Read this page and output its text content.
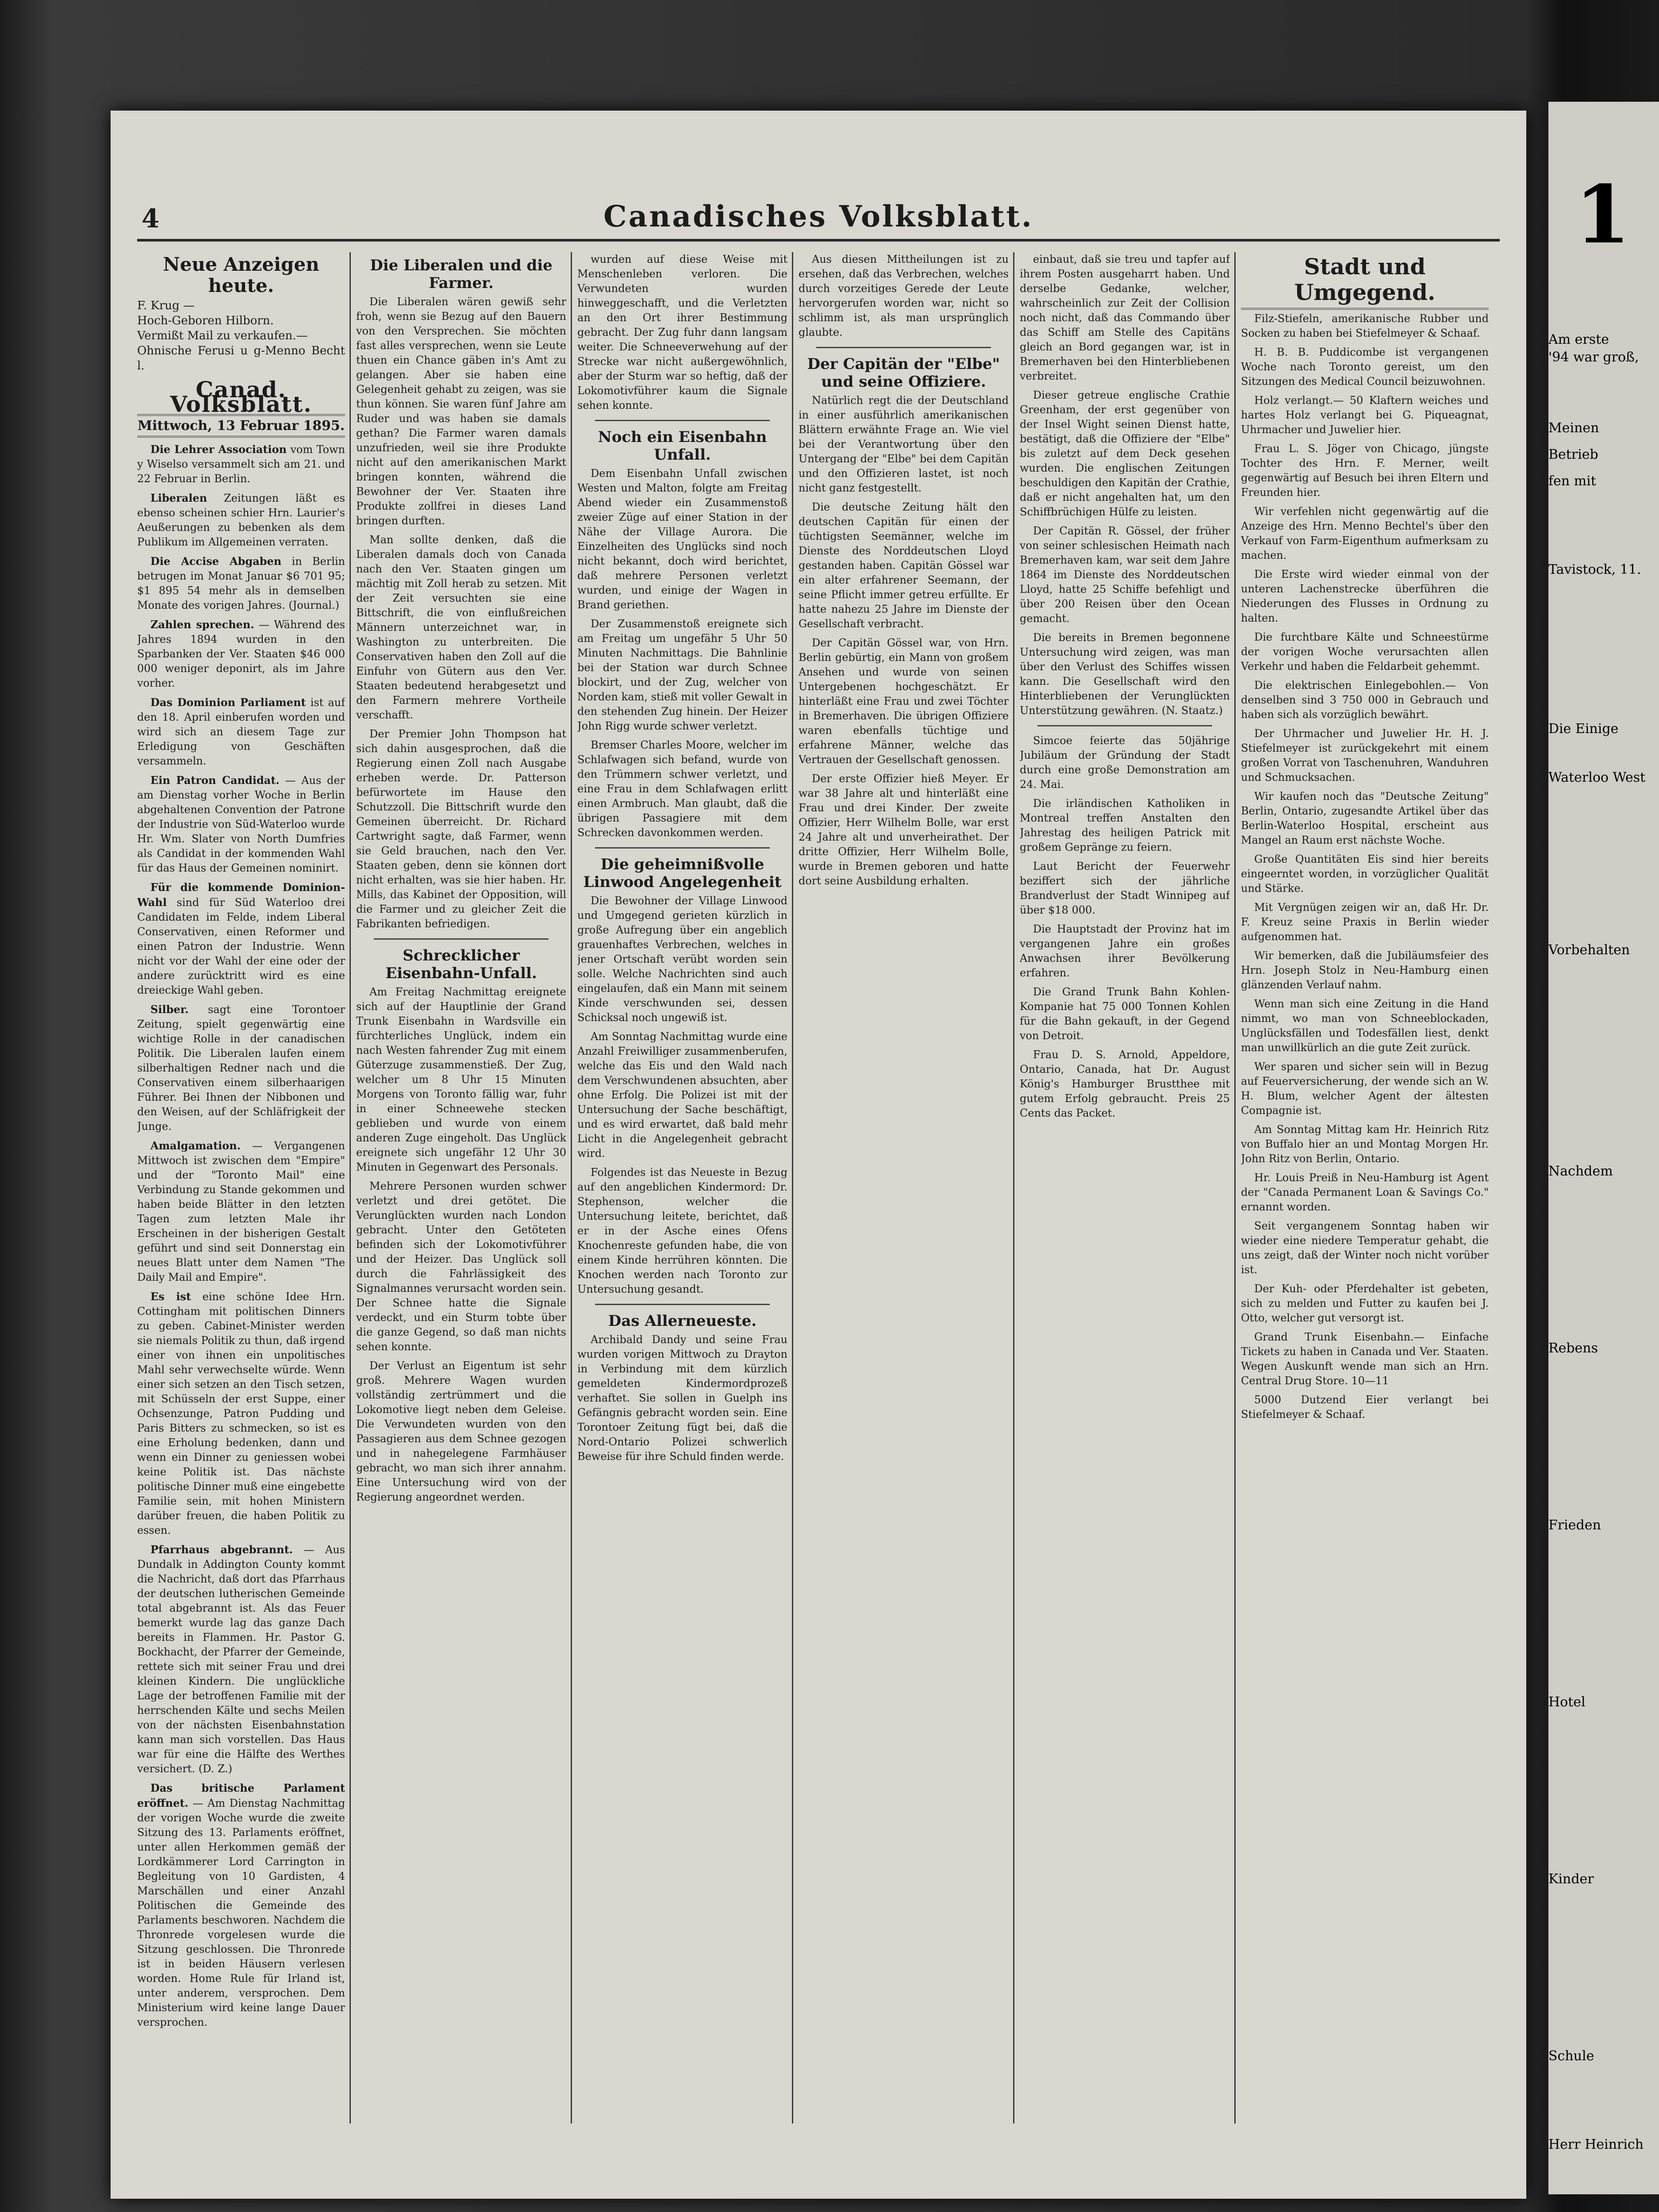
1
Am erste
'94 war groß,
Meinen
Betrieb
fen mit
Tavistock, 11.
Die Einige
Waterloo West
Vorbehalten
Nachdem
Rebens
Frieden
Hotel
Kinder
Schule
Herr Heinrich
4	Canadisches Volksblatt.
Neue Anzeigen heute.
F. Krug —
Hoch-Geboren Hilborn.
Vermißt Mail zu verkaufen.—
Ohnische Ferusi u g-Menno Becht l.
Canad. Volksblatt.
Mittwoch, 13 Februar 1895.

Die Lehrer Association vom Town y Wiselso versammelt sich am 21. und 22 Februar in Berlin.

Liberalen Zeitungen läßt es ebenso scheinen schier Hrn. Laurier's Aeußerungen zu bebenken als dem Publikum im Allgemeinen verraten.

Die Accise Abgaben in Berlin betrugen im Monat Januar $6 701 95; $1 895 54 mehr als in demselben Monate des vorigen Jahres. (Journal.)

Zahlen sprechen. — Während des Jahres 1894 wurden in den Sparbanken der Ver. Staaten $46 000 000 weniger deponirt, als im Jahre vorher.

Das Dominion Parliament ist auf den 18. April einberufen worden und wird sich an diesem Tage zur Erledigung von Geschäften versammeln.

Ein Patron Candidat. — Aus der am Dienstag vorher Woche in Berlin abgehaltenen Convention der Patrone der Industrie von Süd-Waterloo wurde Hr. Wm. Slater von North Dumfries als Candidat in der kommenden Wahl für das Haus der Gemeinen nominirt.

Für die kommende Dominion-Wahl sind für Süd Waterloo drei Candidaten im Felde, indem Liberal Conservativen, einen Reformer und einen Patron der Industrie. Wenn nicht vor der Wahl der eine oder der andere zurücktritt wird es eine dreieckige Wahl geben.

Silber. sagt eine Torontoer Zeitung, spielt gegenwärtig eine wichtige Rolle in der canadischen Politik. Die Liberalen laufen einem silberhaltigen Redner nach und die Conservativen einem silberhaarigen Führer. Bei Ihnen der Nibbonen und den Weisen, auf der Schläfrigkeit der Junge.

Amalgamation. — Vergangenen Mittwoch ist zwischen dem "Empire" und der "Toronto Mail" eine Verbindung zu Stande gekommen und haben beide Blätter in den letzten Tagen zum letzten Male ihr Erscheinen in der bisherigen Gestalt geführt und sind seit Donnerstag ein neues Blatt unter dem Namen "The Daily Mail and Empire".

Es ist eine schöne Idee Hrn. Cottingham mit politischen Dinners zu geben. Cabinet-Minister werden sie niemals Politik zu thun, daß irgend einer von ihnen ein unpolitisches Mahl sehr verwechselte würde. Wenn einer sich setzen an den Tisch setzen, mit Schüsseln der erst Suppe, einer Ochsenzunge, Patron Pudding und Paris Bitters zu schmecken, so ist es eine Erholung bedenken, dann und wenn ein Dinner zu geniessen wobei keine Politik ist. Das nächste politische Dinner muß eine eingebette Familie sein, mit hohen Ministern darüber freuen, die haben Politik zu essen.

Pfarrhaus abgebrannt. — Aus Dundalk in Addington County kommt die Nachricht, daß dort das Pfarrhaus der deutschen lutherischen Gemeinde total abgebrannt ist. Als das Feuer bemerkt wurde lag das ganze Dach bereits in Flammen. Hr. Pastor G. Bockhacht, der Pfarrer der Gemeinde, rettete sich mit seiner Frau und drei kleinen Kindern. Die unglückliche Lage der betroffenen Familie mit der herrschenden Kälte und sechs Meilen von der nächsten Eisenbahnstation kann man sich vorstellen. Das Haus war für eine die Hälfte des Werthes versichert. (D. Z.)

Das britische Parlament eröffnet. — Am Dienstag Nachmittag der vorigen Woche wurde die zweite Sitzung des 13. Parlaments eröffnet, unter allen Herkommen gemäß der Lordkämmerer Lord Carrington in Begleitung von 10 Gardisten, 4 Marschällen und einer Anzahl Politischen die Gemeinde des Parlaments beschworen. Nachdem die Thronrede vorgelesen wurde die Sitzung geschlossen. Die Thronrede ist in beiden Häusern verlesen worden. Home Rule für Irland ist, unter anderem, versprochen. Dem Ministerium wird keine lange Dauer versprochen.

Die Liberalen und die Farmer.

Die Liberalen wären gewiß sehr froh, wenn sie Bezug auf den Bauern von den Versprechen. Sie möchten fast alles versprechen, wenn sie Leute thuen ein Chance gäben in's Amt zu gelangen. Aber sie haben eine Gelegenheit gehabt zu zeigen, was sie thun können. Sie waren fünf Jahre am Ruder und was haben sie damals gethan? Die Farmer waren damals unzufrieden, weil sie ihre Produkte nicht auf den amerikanischen Markt bringen konnten, während die Bewohner der Ver. Staaten ihre Produkte zollfrei in dieses Land bringen durften.

Man sollte denken, daß die Liberalen damals doch von Canada nach den Ver. Staaten gingen um mächtig mit Zoll herab zu setzen. Mit der Zeit versuchten sie eine Bittschrift, die von einflußreichen Männern unterzeichnet war, in Washington zu unterbreiten. Die Conservativen haben den Zoll auf die Einfuhr von Gütern aus den Ver. Staaten bedeutend herabgesetzt und den Farmern mehrere Vortheile verschafft.

Der Premier John Thompson hat sich dahin ausgesprochen, daß die Regierung einen Zoll nach Ausgabe erheben werde. Dr. Patterson befürwortete im Hause den Schutzzoll. Die Bittschrift wurde den Gemeinen überreicht. Dr. Richard Cartwright sagte, daß Farmer, wenn sie Geld brauchen, nach den Ver. Staaten geben, denn sie können dort nicht erhalten, was sie hier haben. Hr. Mills, das Kabinet der Opposition, will die Farmer und zu gleicher Zeit die Fabrikanten befriedigen.

Schrecklicher Eisenbahn-Unfall.

Am Freitag Nachmittag ereignete sich auf der Hauptlinie der Grand Trunk Eisenbahn in Wardsville ein fürchterliches Unglück, indem ein nach Westen fahrender Zug mit einem Güterzuge zusammenstieß. Der Zug, welcher um 8 Uhr 15 Minuten Morgens von Toronto fällig war, fuhr in einer Schneewehe stecken geblieben und wurde von einem anderen Zuge eingeholt. Das Unglück ereignete sich ungefähr 12 Uhr 30 Minuten in Gegenwart des Personals.

Mehrere Personen wurden schwer verletzt und drei getötet. Die Verunglückten wurden nach London gebracht. Unter den Getöteten befinden sich der Lokomotivführer und der Heizer. Das Unglück soll durch die Fahrlässigkeit des Signalmannes verursacht worden sein. Der Schnee hatte die Signale verdeckt, und ein Sturm tobte über die ganze Gegend, so daß man nichts sehen konnte.

Der Verlust an Eigentum ist sehr groß. Mehrere Wagen wurden vollständig zertrümmert und die Lokomotive liegt neben dem Geleise. Die Verwundeten wurden von den Passagieren aus dem Schnee gezogen und in nahegelegene Farmhäuser gebracht, wo man sich ihrer annahm. Eine Untersuchung wird von der Regierung angeordnet werden.

wurden auf diese Weise mit Menschenleben verloren. Die Verwundeten wurden hinweggeschafft, und die Verletzten an den Ort ihrer Bestimmung gebracht. Der Zug fuhr dann langsam weiter. Die Schneeverwehung auf der Strecke war nicht außergewöhnlich, aber der Sturm war so heftig, daß der Lokomotivführer kaum die Signale sehen konnte.

Noch ein Eisenbahn Unfall.

Dem Eisenbahn Unfall zwischen Westen und Malton, folgte am Freitag Abend wieder ein Zusammenstoß zweier Züge auf einer Station in der Nähe der Village Aurora. Die Einzelheiten des Unglücks sind noch nicht bekannt, doch wird berichtet, daß mehrere Personen verletzt wurden, und einige der Wagen in Brand geriethen.

Der Zusammenstoß ereignete sich am Freitag um ungefähr 5 Uhr 50 Minuten Nachmittags. Die Bahnlinie bei der Station war durch Schnee blockirt, und der Zug, welcher von Norden kam, stieß mit voller Gewalt in den stehenden Zug hinein. Der Heizer John Rigg wurde schwer verletzt.

Bremser Charles Moore, welcher im Schlafwagen sich befand, wurde von den Trümmern schwer verletzt, und eine Frau in dem Schlafwagen erlitt einen Armbruch. Man glaubt, daß die übrigen Passagiere mit dem Schrecken davonkommen werden.

Die geheimnißvolle Linwood Angelegenheit

Die Bewohner der Village Linwood und Umgegend gerieten kürzlich in große Aufregung über ein angeblich grauenhaftes Verbrechen, welches in jener Ortschaft verübt worden sein solle. Welche Nachrichten sind auch eingelaufen, daß ein Mann mit seinem Kinde verschwunden sei, dessen Schicksal noch ungewiß ist.

Am Sonntag Nachmittag wurde eine Anzahl Freiwilliger zusammenberufen, welche das Eis und den Wald nach dem Verschwundenen absuchten, aber ohne Erfolg. Die Polizei ist mit der Untersuchung der Sache beschäftigt, und es wird erwartet, daß bald mehr Licht in die Angelegenheit gebracht wird.

Folgendes ist das Neueste in Bezug auf den angeblichen Kindermord: Dr. Stephenson, welcher die Untersuchung leitete, berichtet, daß er in der Asche eines Ofens Knochenreste gefunden habe, die von einem Kinde herrühren könnten. Die Knochen werden nach Toronto zur Untersuchung gesandt.

Das Allerneueste.

Archibald Dandy und seine Frau wurden vorigen Mittwoch zu Drayton in Verbindung mit dem kürzlich gemeldeten Kindermordprozeß verhaftet. Sie sollen in Guelph ins Gefängnis gebracht worden sein. Eine Torontoer Zeitung fügt bei, daß die Nord-Ontario Polizei schwerlich Beweise für ihre Schuld finden werde.

Aus diesen Mittheilungen ist zu ersehen, daß das Verbrechen, welches durch vorzeitiges Gerede der Leute hervorgerufen worden war, nicht so schlimm ist, als man ursprünglich glaubte.

Der Capitän der "Elbe" und seine Offiziere.

Natürlich regt die der Deutschland in einer ausführlich amerikanischen Blättern erwähnte Frage an. Wie viel bei der Verantwortung über den Untergang der "Elbe" bei dem Capitän und den Offizieren lastet, ist noch nicht ganz festgestellt.

Die deutsche Zeitung hält den deutschen Capitän für einen der tüchtigsten Seemänner, welche im Dienste des Norddeutschen Lloyd gestanden haben. Capitän Gössel war ein alter erfahrener Seemann, der seine Pflicht immer getreu erfüllte. Er hatte nahezu 25 Jahre im Dienste der Gesellschaft verbracht.

Der Capitän Gössel war, von Hrn. Berlin gebürtig, ein Mann von großem Ansehen und wurde von seinen Untergebenen hochgeschätzt. Er hinterläßt eine Frau und zwei Töchter in Bremerhaven. Die übrigen Offiziere waren ebenfalls tüchtige und erfahrene Männer, welche das Vertrauen der Gesellschaft genossen.

Der erste Offizier hieß Meyer. Er war 38 Jahre alt und hinterläßt eine Frau und drei Kinder. Der zweite Offizier, Herr Wilhelm Bolle, war erst 24 Jahre alt und unverheirathet. Der dritte Offizier, Herr Wilhelm Bolle, wurde in Bremen geboren und hatte dort seine Ausbildung erhalten.

einbaut, daß sie treu und tapfer auf ihrem Posten ausgeharrt haben. Und derselbe Gedanke, welcher, wahrscheinlich zur Zeit der Collision noch nicht, daß das Commando über das Schiff am Stelle des Capitäns gleich an Bord gegangen war, ist in Bremerhaven bei den Hinterbliebenen verbreitet.

Dieser getreue englische Crathie Greenham, der erst gegenüber von der Insel Wight seinen Dienst hatte, bestätigt, daß die Offiziere der "Elbe" bis zuletzt auf dem Deck gesehen wurden. Die englischen Zeitungen beschuldigen den Kapitän der Crathie, daß er nicht angehalten hat, um den Schiffbrüchigen Hülfe zu leisten.

Der Capitän R. Gössel, der früher von seiner schlesischen Heimath nach Bremerhaven kam, war seit dem Jahre 1864 im Dienste des Norddeutschen Lloyd, hatte 25 Schiffe befehligt und über 200 Reisen über den Ocean gemacht.

Die bereits in Bremen begonnene Untersuchung wird zeigen, was man über den Verlust des Schiffes wissen kann. Die Gesellschaft wird den Hinterbliebenen der Verunglückten Unterstützung gewähren. (N. Staatz.)

Simcoe feierte das 50jährige Jubiläum der Gründung der Stadt durch eine große Demonstration am 24. Mai.

Die irländischen Katholiken in Montreal treffen Anstalten den Jahrestag des heiligen Patrick mit großem Gepränge zu feiern.

Laut Bericht der Feuerwehr beziffert sich der jährliche Brandverlust der Stadt Winnipeg auf über $18 000.

Die Hauptstadt der Provinz hat im vergangenen Jahre ein großes Anwachsen ihrer Bevölkerung erfahren.

Die Grand Trunk Bahn Kohlen-Kompanie hat 75 000 Tonnen Kohlen für die Bahn gekauft, in der Gegend von Detroit.

Frau D. S. Arnold, Appeldore, Ontario, Canada, hat Dr. August König's Hamburger Brustthee mit gutem Erfolg gebraucht. Preis 25 Cents das Packet.

Stadt und Umgegend.

Filz-Stiefeln, amerikanische Rubber und Socken zu haben bei Stiefelmeyer & Schaaf.

H. B. B. Puddicombe ist vergangenen Woche nach Toronto gereist, um den Sitzungen des Medical Council beizuwohnen.

Holz verlangt.— 50 Klaftern weiches und hartes Holz verlangt bei G. Piqueagnat, Uhrmacher und Juwelier hier.

Frau L. S. Jöger von Chicago, jüngste Tochter des Hrn. F. Merner, weilt gegenwärtig auf Besuch bei ihren Eltern und Freunden hier.

Wir verfehlen nicht gegenwärtig auf die Anzeige des Hrn. Menno Bechtel's über den Verkauf von Farm-Eigenthum aufmerksam zu machen.

Die Erste wird wieder einmal von der unteren Lachenstrecke überführen die Niederungen des Flusses in Ordnung zu halten.

Die furchtbare Kälte und Schneestürme der vorigen Woche verursachten allen Verkehr und haben die Feldarbeit gehemmt.

Die elektrischen Einlegebohlen.— Von denselben sind 3 750 000 in Gebrauch und haben sich als vorzüglich bewährt.

Der Uhrmacher und Juwelier Hr. H. J. Stiefelmeyer ist zurückgekehrt mit einem großen Vorrat von Taschenuhren, Wanduhren und Schmucksachen.

Wir kaufen noch das "Deutsche Zeitung" Berlin, Ontario, zugesandte Artikel über das Berlin-Waterloo Hospital, erscheint aus Mangel an Raum erst nächste Woche.

Große Quantitäten Eis sind hier bereits eingeerntet worden, in vorzüglicher Qualität und Stärke.

Mit Vergnügen zeigen wir an, daß Hr. Dr. F. Kreuz seine Praxis in Berlin wieder aufgenommen hat.

Wir bemerken, daß die Jubiläumsfeier des Hrn. Joseph Stolz in Neu-Hamburg einen glänzenden Verlauf nahm.

Wenn man sich eine Zeitung in die Hand nimmt, wo man von Schneeblockaden, Unglücksfällen und Todesfällen liest, denkt man unwillkürlich an die gute Zeit zurück.

Wer sparen und sicher sein will in Bezug auf Feuerversicherung, der wende sich an W. H. Blum, welcher Agent der ältesten Compagnie ist.

Am Sonntag Mittag kam Hr. Heinrich Ritz von Buffalo hier an und Montag Morgen Hr. John Ritz von Berlin, Ontario.

Hr. Louis Preiß in Neu-Hamburg ist Agent der "Canada Permanent Loan & Savings Co." ernannt worden.

Seit vergangenem Sonntag haben wir wieder eine niedere Temperatur gehabt, die uns zeigt, daß der Winter noch nicht vorüber ist.

Der Kuh- oder Pferdehalter ist gebeten, sich zu melden und Futter zu kaufen bei J. Otto, welcher gut versorgt ist.

Grand Trunk Eisenbahn.— Einfache Tickets zu haben in Canada und Ver. Staaten. Wegen Auskunft wende man sich an Hrn. Central Drug Store. 10—11

5000 Dutzend Eier verlangt bei Stiefelmeyer & Schaaf.
